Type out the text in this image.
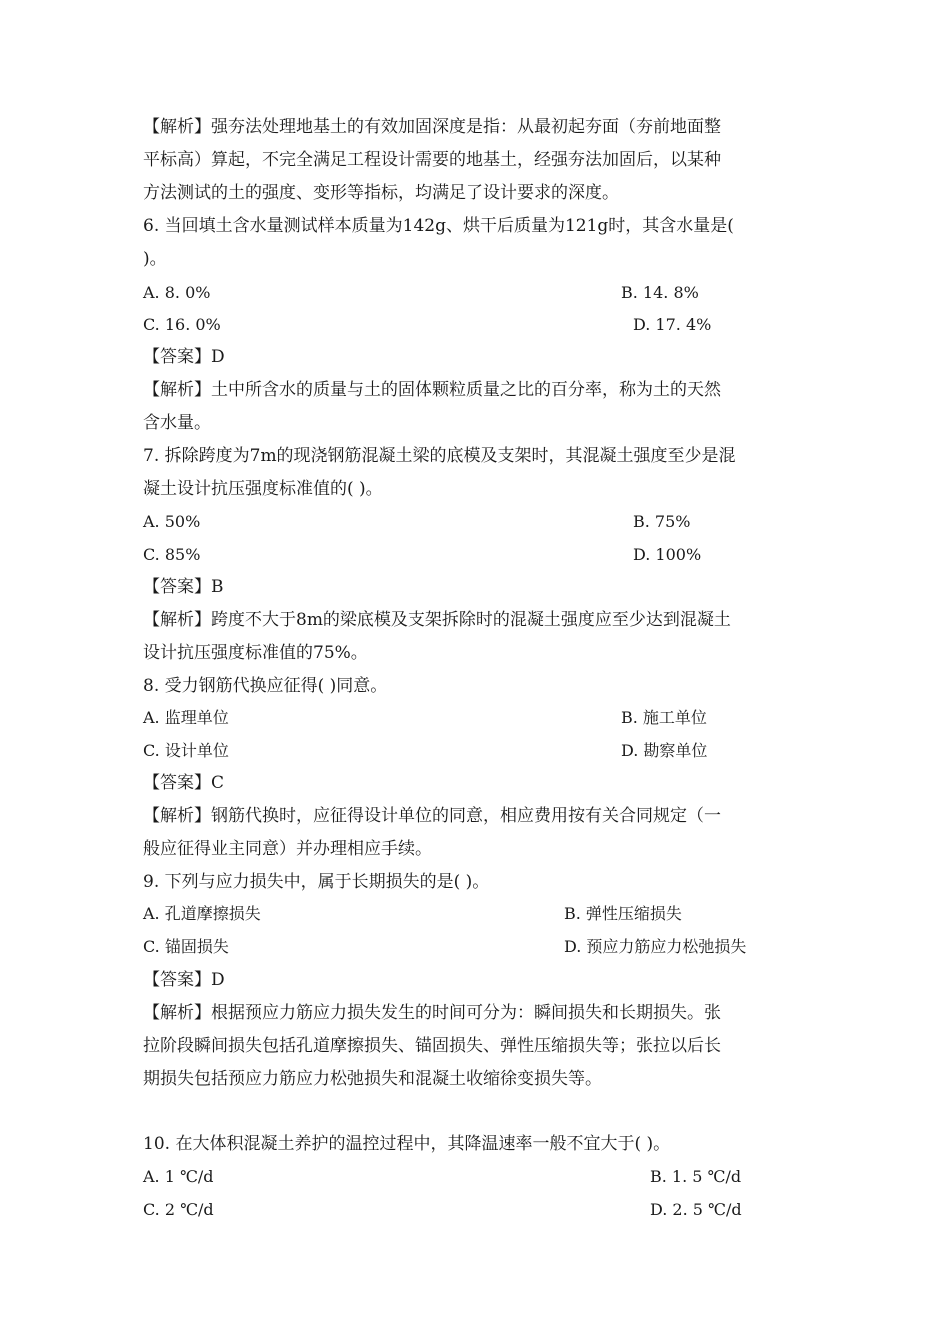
【解析】强夯法处理地基土的有效加固深度是指：从最初起夯面（夯前地面整
平标高）算起，不完全满足工程设计需要的地基土，经强夯法加固后，以某种
方法测试的土的强度、变形等指标，均满足了设计要求的深度。
6. 当回填土含水量测试样本质量为142g、烘干后质量为121g时，其含水量是(
)。
A. 8. 0%	B. 14. 8%
C. 16. 0%	D. 17. 4%
【答案】D
【解析】土中所含水的质量与土的固体颗粒质量之比的百分率，称为土的天然
含水量。
7. 拆除跨度为7m的现浇钢筋混凝土梁的底模及支架时，其混凝土强度至少是混
凝土设计抗压强度标准值的( )。
A. 50%	B. 75%
C. 85%	D. 100%
【答案】B
【解析】跨度不大于8m的梁底模及支架拆除时的混凝土强度应至少达到混凝土
设计抗压强度标准值的75%。
8. 受力钢筋代换应征得( )同意。
A. 监理单位	B. 施工单位
C. 设计单位	D. 勘察单位
【答案】C
【解析】钢筋代换时，应征得设计单位的同意，相应费用按有关合同规定（一
般应征得业主同意）并办理相应手续。
9. 下列与应力损失中，属于长期损失的是( )。
A. 孔道摩擦损失	B. 弹性压缩损失
C. 锚固损失	D. 预应力筋应力松弛损失
【答案】D
【解析】根据预应力筋应力损失发生的时间可分为：瞬间损失和长期损失。张
拉阶段瞬间损失包括孔道摩擦损失、锚固损失、弹性压缩损失等；张拉以后长
期损失包括预应力筋应力松弛损失和混凝土收缩徐变损失等。
10. 在大体积混凝土养护的温控过程中，其降温速率一般不宜大于( )。
A. 1 ℃/d	B. 1. 5 ℃/d
C. 2 ℃/d	D. 2. 5 ℃/d
